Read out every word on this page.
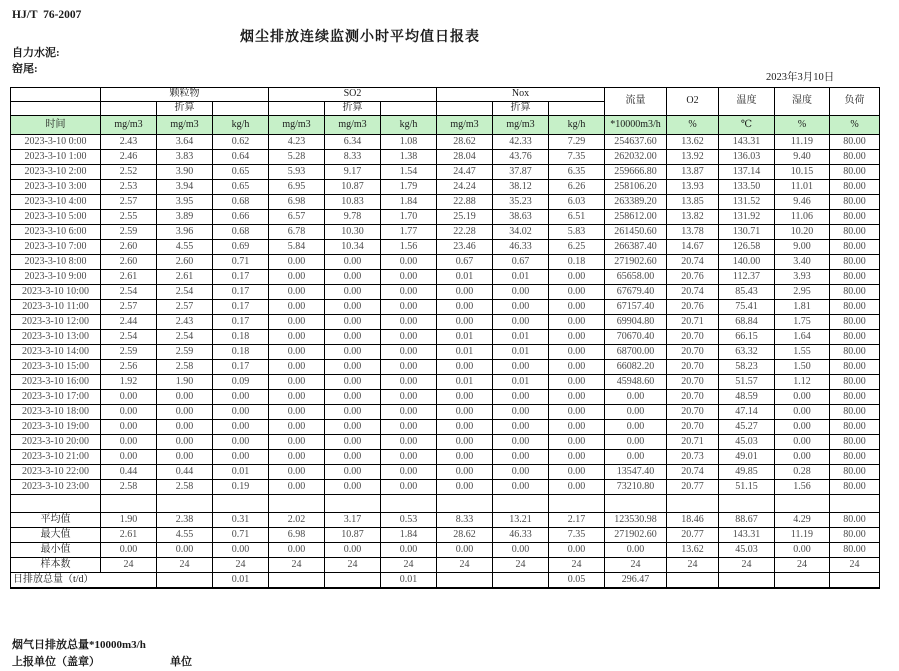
HJ/T  76-2007
烟尘排放连续监测小时平均值日报表
自力水泥:
窑尾:
2023年3月10日
	颗粒物			SO2			Nox			流量	O2	温度	湿度	负荷
		折算			折算			折算						
时间	mg/m3	mg/m3	kg/h	mg/m3	mg/m3	kg/h	mg/m3	mg/m3	kg/h	*10000m3/h	%	℃	%	%
2023-3-10 0:00	2.43	3.64	0.62	4.23	6.34	1.08	28.62	42.33	7.29	254637.60	13.62	143.31	11.19	80.00
2023-3-10 1:00	2.46	3.83	0.64	5.28	8.33	1.38	28.04	43.76	7.35	262032.00	13.92	136.03	9.40	80.00
2023-3-10 2:00	2.52	3.90	0.65	5.93	9.17	1.54	24.47	37.87	6.35	259666.80	13.87	137.14	10.15	80.00
2023-3-10 3:00	2.53	3.94	0.65	6.95	10.87	1.79	24.24	38.12	6.26	258106.20	13.93	133.50	11.01	80.00
2023-3-10 4:00	2.57	3.95	0.68	6.98	10.83	1.84	22.88	35.23	6.03	263389.20	13.85	131.52	9.46	80.00
2023-3-10 5:00	2.55	3.89	0.66	6.57	9.78	1.70	25.19	38.63	6.51	258612.00	13.82	131.92	11.06	80.00
2023-3-10 6:00	2.59	3.96	0.68	6.78	10.30	1.77	22.28	34.02	5.83	261450.60	13.78	130.71	10.20	80.00
2023-3-10 7:00	2.60	4.55	0.69	5.84	10.34	1.56	23.46	46.33	6.25	266387.40	14.67	126.58	9.00	80.00
2023-3-10 8:00	2.60	2.60	0.71	0.00	0.00	0.00	0.67	0.67	0.18	271902.60	20.74	140.00	3.40	80.00
2023-3-10 9:00	2.61	2.61	0.17	0.00	0.00	0.00	0.01	0.01	0.00	65658.00	20.76	112.37	3.93	80.00
2023-3-10 10:00	2.54	2.54	0.17	0.00	0.00	0.00	0.00	0.00	0.00	67679.40	20.74	85.43	2.95	80.00
2023-3-10 11:00	2.57	2.57	0.17	0.00	0.00	0.00	0.00	0.00	0.00	67157.40	20.76	75.41	1.81	80.00
2023-3-10 12:00	2.44	2.43	0.17	0.00	0.00	0.00	0.00	0.00	0.00	69904.80	20.71	68.84	1.75	80.00
2023-3-10 13:00	2.54	2.54	0.18	0.00	0.00	0.00	0.01	0.01	0.00	70670.40	20.70	66.15	1.64	80.00
2023-3-10 14:00	2.59	2.59	0.18	0.00	0.00	0.00	0.01	0.01	0.00	68700.00	20.70	63.32	1.55	80.00
2023-3-10 15:00	2.56	2.58	0.17	0.00	0.00	0.00	0.00	0.00	0.00	66082.20	20.70	58.23	1.50	80.00
2023-3-10 16:00	1.92	1.90	0.09	0.00	0.00	0.00	0.01	0.01	0.00	45948.60	20.70	51.57	1.12	80.00
2023-3-10 17:00	0.00	0.00	0.00	0.00	0.00	0.00	0.00	0.00	0.00	0.00	20.70	48.59	0.00	80.00
2023-3-10 18:00	0.00	0.00	0.00	0.00	0.00	0.00	0.00	0.00	0.00	0.00	20.70	47.14	0.00	80.00
2023-3-10 19:00	0.00	0.00	0.00	0.00	0.00	0.00	0.00	0.00	0.00	0.00	20.70	45.27	0.00	80.00
2023-3-10 20:00	0.00	0.00	0.00	0.00	0.00	0.00	0.00	0.00	0.00	0.00	20.71	45.03	0.00	80.00
2023-3-10 21:00	0.00	0.00	0.00	0.00	0.00	0.00	0.00	0.00	0.00	0.00	20.73	49.01	0.00	80.00
2023-3-10 22:00	0.44	0.44	0.01	0.00	0.00	0.00	0.00	0.00	0.00	13547.40	20.74	49.85	0.28	80.00
2023-3-10 23:00	2.58	2.58	0.19	0.00	0.00	0.00	0.00	0.00	0.00	73210.80	20.77	51.15	1.56	80.00

平均值	1.90	2.38	0.31	2.02	3.17	0.53	8.33	13.21	2.17	123530.98	18.46	88.67	4.29	80.00
最大值	2.61	4.55	0.71	6.98	10.87	1.84	28.62	46.33	7.35	271902.60	20.77	143.31	11.19	80.00
最小值	0.00	0.00	0.00	0.00	0.00	0.00	0.00	0.00	0.00	0.00	13.62	45.03	0.00	80.00
样本数	24	24	24	24	24	24	24	24	24	24	24	24	24	24
日排放总量（t/d）			0.01			0.01			0.05	296.47				
烟气日排放总量*10000m3/h
上报单位（盖章）	单位
